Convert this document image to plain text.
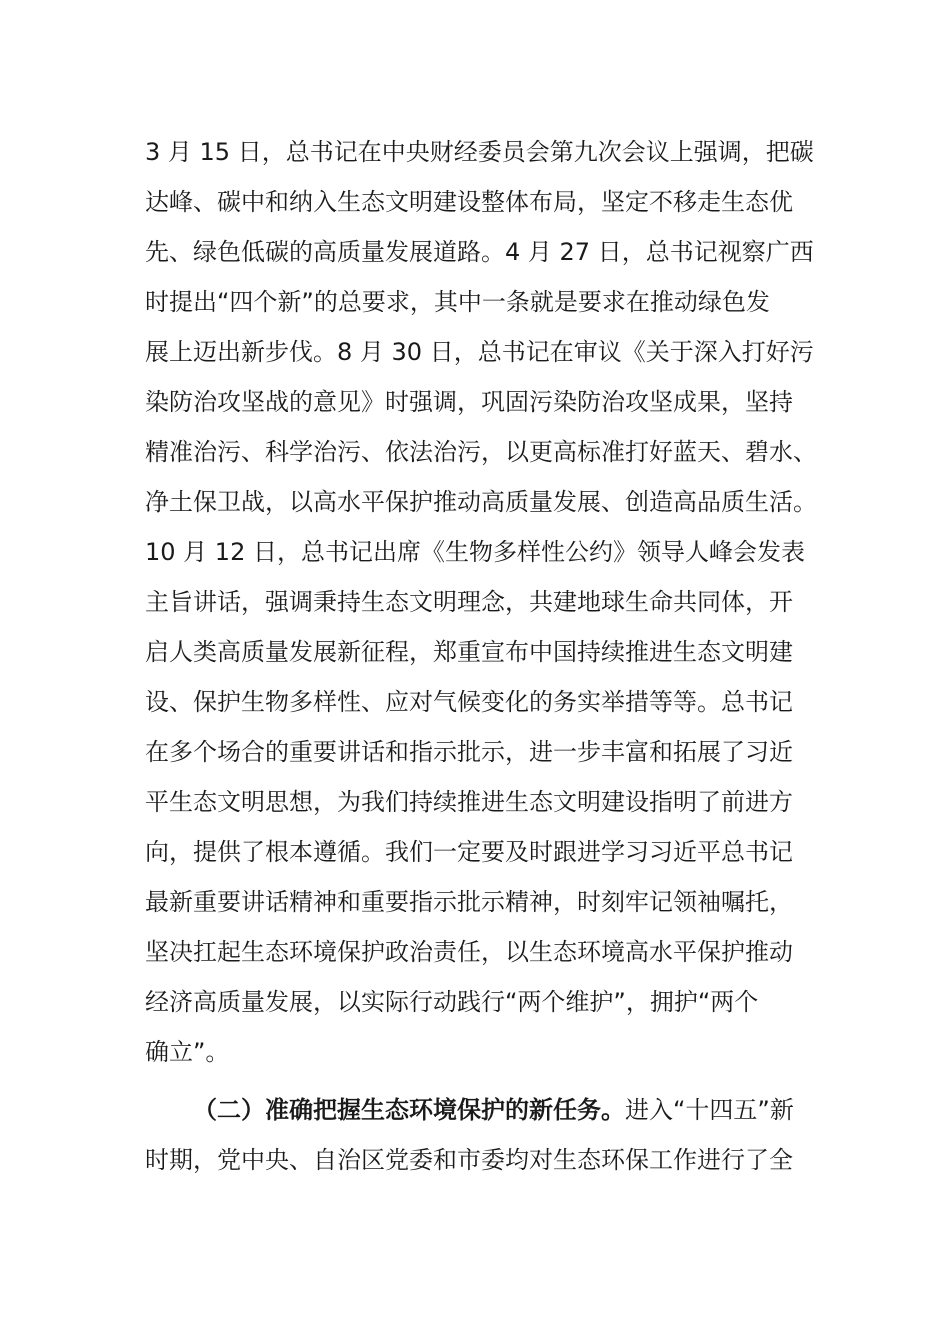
3 月 15 日，总书记在中央财经委员会第九次会议上强调，把碳
达峰、碳中和纳入生态文明建设整体布局，坚定不移走生态优
先、绿色低碳的高质量发展道路。4 月 27 日，总书记视察广西
时提出“四个新”的总要求，其中一条就是要求在推动绿色发
展上迈出新步伐。8 月 30 日，总书记在审议《关于深入打好污
染防治攻坚战的意见》时强调，巩固污染防治攻坚成果，坚持
精准治污、科学治污、依法治污，以更高标准打好蓝天、碧水、
净土保卫战，以高水平保护推动高质量发展、创造高品质生活。
10 月 12 日，总书记出席《生物多样性公约》领导人峰会发表
主旨讲话，强调秉持生态文明理念，共建地球生命共同体，开
启人类高质量发展新征程，郑重宣布中国持续推进生态文明建
设、保护生物多样性、应对气候变化的务实举措等等。总书记
在多个场合的重要讲话和指示批示，进一步丰富和拓展了习近
平生态文明思想，为我们持续推进生态文明建设指明了前进方
向，提供了根本遵循。我们一定要及时跟进学习习近平总书记
最新重要讲话精神和重要指示批示精神，时刻牢记领袖嘱托，
坚决扛起生态环境保护政治责任，以生态环境高水平保护推动
经济高质量发展，以实际行动践行“两个维护”，拥护“两个
确立”。
（二）准确把握生态环境保护的新任务。进入“十四五”新
时期，党中央、自治区党委和市委均对生态环保工作进行了全
